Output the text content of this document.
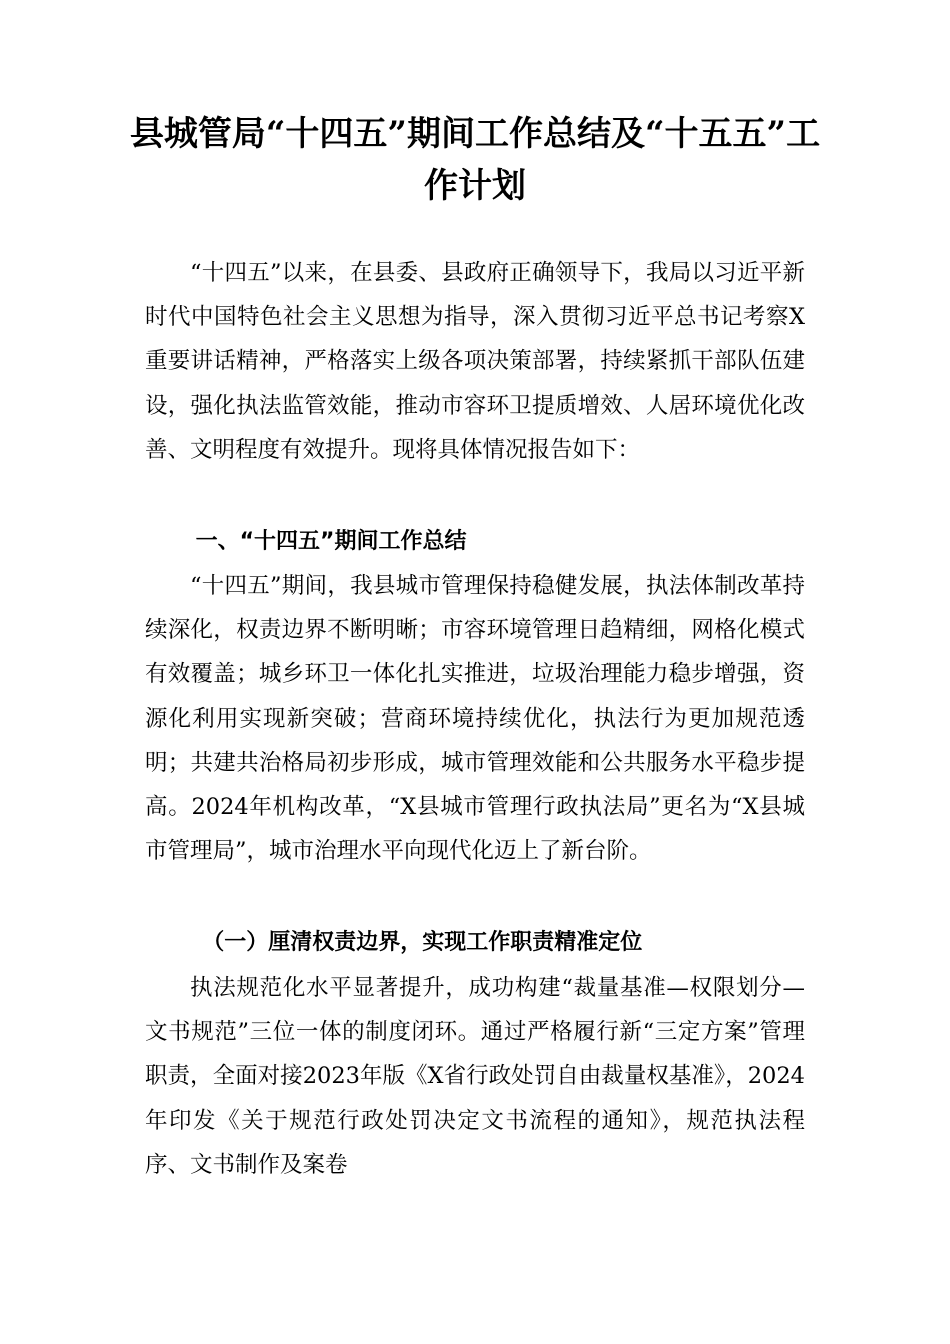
县城管局“十四五”期间工作总结及“十五五”工作计划
“十四五”以来，在县委、县政府正确领导下，我局以习近平新时代中国特色社会主义思想为指导，深入贯彻习近平总书记考察X重要讲话精神，严格落实上级各项决策部署，持续紧抓干部队伍建设，强化执法监管效能，推动市容环卫提质增效、人居环境优化改善、文明程度有效提升。现将具体情况报告如下：
一、“十四五”期间工作总结
“十四五”期间，我县城市管理保持稳健发展，执法体制改革持续深化，权责边界不断明晰；市容环境管理日趋精细，网格化模式有效覆盖；城乡环卫一体化扎实推进，垃圾治理能力稳步增强，资源化利用实现新突破；营商环境持续优化，执法行为更加规范透明；共建共治格局初步形成，城市管理效能和公共服务水平稳步提高。2024年机构改革，“X县城市管理行政执法局”更名为“X县城市管理局”，城市治理水平向现代化迈上了新台阶。
（一）厘清权责边界，实现工作职责精准定位
执法规范化水平显著提升，成功构建“裁量基准—权限划分—文书规范”三位一体的制度闭环。通过严格履行新“三定方案”管理职责，全面对接2023年版《X省行政处罚自由裁量权基准》，2024年印发《关于规范行政处罚决定文书流程的通知》，规范执法程序、文书制作及案卷
